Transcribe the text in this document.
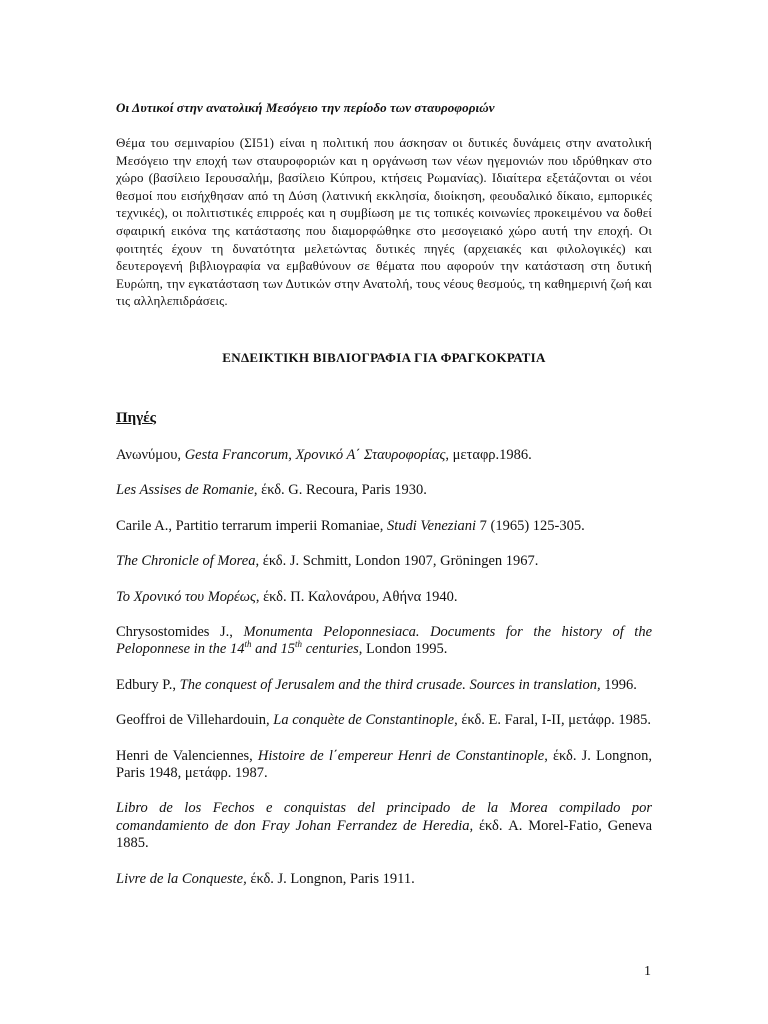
Οι Δυτικοί στην ανατολική Μεσόγειο την περίοδο των σταυροφοριών

Θέμα του σεμιναρίου (ΣΙ51) είναι η πολιτική που άσκησαν οι δυτικές δυνάμεις στην ανατολική Μεσόγειο την εποχή των σταυροφοριών και η οργάνωση των νέων ηγεμονιών που ιδρύθηκαν στο χώρο (βασίλειο Ιερουσαλήμ, βασίλειο Κύπρου, κτήσεις Ρωμανίας). Ιδιαίτερα εξετάζονται οι νέοι θεσμοί που εισήχθησαν από τη Δύση (λατινική εκκλησία, διοίκηση, φεουδαλικό δίκαιο, εμπορικές τεχνικές), οι πολιτιστικές επιρροές και η συμβίωση με τις τοπικές κοινωνίες προκειμένου να δοθεί σφαιρική εικόνα της κατάστασης που διαμορφώθηκε στο μεσογειακό χώρο αυτή την εποχή. Οι φοιτητές έχουν τη δυνατότητα μελετώντας δυτικές πηγές (αρχειακές και φιλολογικές) και δευτερογενή βιβλιογραφία να εμβαθύνουν σε θέματα που αφορούν την κατάσταση στη δυτική Ευρώπη, την εγκατάσταση των Δυτικών στην Ανατολή, τους νέους θεσμούς, τη καθημερινή ζωή και τις αλληλεπιδράσεις.

ΕΝΔΕΙΚΤΙΚΗ ΒΙΒΛΙΟΓΡΑΦΙΑ ΓΙΑ ΦΡΑΓΚΟΚΡΑΤΙΑ

Πηγές

Ανωνύμου, Gesta Francorum, Χρονικό Α΄ Σταυροφορίας, μεταφρ.1986.

Les Assises de Romanie, έκδ. G. Recoura, Paris 1930.

Carile A., Partitio terrarum imperii Romaniae, Studi Veneziani 7 (1965) 125-305.

The Chronicle of Morea, έκδ. J. Schmitt, London 1907, Gröningen 1967.

Το Χρονικό του Μορέως, έκδ. Π. Καλονάρου, Αθήνα 1940.

Chrysostomides J., Monumenta Peloponnesiaca. Documents for the history of the Peloponnese in the 14th and 15th centuries, London 1995.

Edbury P., The conquest of Jerusalem and the third crusade. Sources in translation, 1996.

Geoffroi de Villehardouin, La conquète de Constantinople, έκδ. E. Faral, I-II, μετάφρ. 1985.

Henri de Valenciennes, Histoire de l΄empereur Henri de Constantinople, έκδ. J. Longnon, Paris 1948, μετάφρ. 1987.

Libro de los Fechos e conquistas del principado de la Morea compilado por comandamiento de don Fray Johan Ferrandez de Heredia, έκδ. A. Morel-Fatio, Geneva 1885.

Livre de la Conqueste, έκδ. J. Longnon, Paris 1911.

1
